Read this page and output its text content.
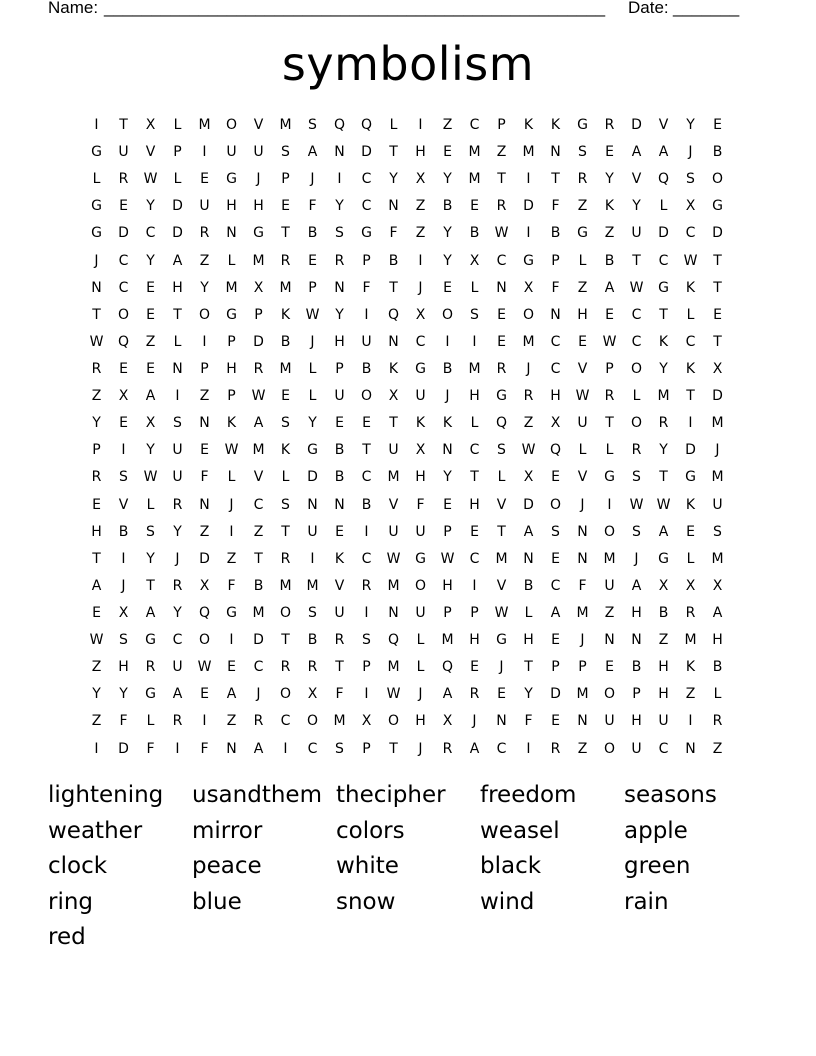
Name: _____________________________________________________ Date: _______
symbolism
I	T	X	L	M	O	V	M	S	Q	Q	L	I	Z	C	P	K	K	G	R	D	V	Y	E
G	U	V	P	I	U	U	S	A	N	D	T	H	E	M	Z	M	N	S	E	A	A	J	B
L	R	W	L	E	G	J	P	J	I	C	Y	X	Y	M	T	I	T	R	Y	V	Q	S	O
G	E	Y	D	U	H	H	E	F	Y	C	N	Z	B	E	R	D	F	Z	K	Y	L	X	G
G	D	C	D	R	N	G	T	B	S	G	F	Z	Y	B	W	I	B	G	Z	U	D	C	D
J	C	Y	A	Z	L	M	R	E	R	P	B	I	Y	X	C	G	P	L	B	T	C	W	T
N	C	E	H	Y	M	X	M	P	N	F	T	J	E	L	N	X	F	Z	A	W	G	K	T
T	O	E	T	O	G	P	K	W	Y	I	Q	X	O	S	E	O	N	H	E	C	T	L	E
W	Q	Z	L	I	P	D	B	J	H	U	N	C	I	I	E	M	C	E	W	C	K	C	T
R	E	E	N	P	H	R	M	L	P	B	K	G	B	M	R	J	C	V	P	O	Y	K	X
Z	X	A	I	Z	P	W	E	L	U	O	X	U	J	H	G	R	H	W	R	L	M	T	D
Y	E	X	S	N	K	A	S	Y	E	E	T	K	K	L	Q	Z	X	U	T	O	R	I	M
P	I	Y	U	E	W	M	K	G	B	T	U	X	N	C	S	W	Q	L	L	R	Y	D	J
R	S	W	U	F	L	V	L	D	B	C	M	H	Y	T	L	X	E	V	G	S	T	G	M
E	V	L	R	N	J	C	S	N	N	B	V	F	E	H	V	D	O	J	I	W W	K	U
H	B	S	Y	Z	I	Z	T	U	E	I	U	U	P	E	T	A	S	N	O	S	A	E	S
T	I	Y	J	D	Z	T	R	I	K	C	W	G	W	C	M	N	E	N	M	J	G	L	M
A	J	T	R	X	F	B	M	M	V	R	M	O	H	I	V	B	C	F	U	A	X	X	X
E	X	A	Y	Q	G	M	O	S	U	I	N	U	P	P	W	L	A	M	Z	H	B	R	A
W	S	G	C	O	I	D	T	B	R	S	Q	L	M	H	G	H	E	J	N	N	Z	M	H
Z	H	R	U	W	E	C	R	R	T	P	M	L	Q	E	J	T	P	P	E	B	H	K	B
Y	Y	G	A	E	A	J	O	X	F	I	W	J	A	R	E	Y	D	M	O	P	H	Z	L
Z	F	L	R	I	Z	R	C	O	M	X	O	H	X	J	N	F	E	N	U	H	U	I	R
I	D	F	I	F	N	A	I	C	S	P	T	J	R	A	C	I	R	Z	O	U	C	N	Z
lightening	usandthem thecipher	freedom	seasons
weather	mirror	colors	weasel	apple
clock	peace	white	black	green
ring	blue	snow	wind	rain
red
